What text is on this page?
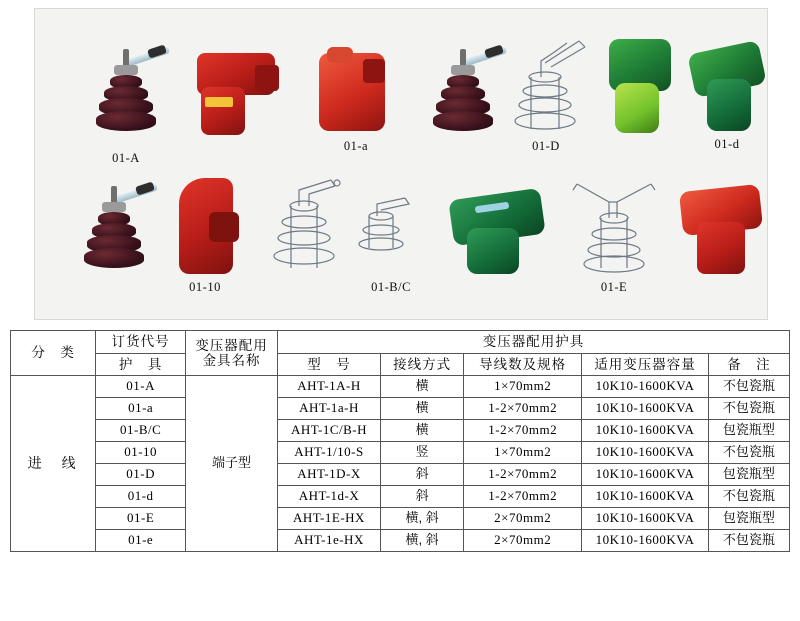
01-A
01-a	01-D	01-d
01-10	01-B/C	01-E
分　类	订货代号	变压器配用金具名称	变压器配用护具				
	护　具		型　号	接线方式	导线数及规格	适用变压器容量	备　注
进　线	01-A	端子型	AHT-1A-H	横	1×70mm2	10K10-1600KVA	不包瓷瓶
	01-a		AHT-1a-H	横	1-2×70mm2	10K10-1600KVA	不包瓷瓶
	01-B/C		AHT-1C/B-H	横	1-2×70mm2	10K10-1600KVA	包瓷瓶型
	01-10		AHT-1/10-S	竖	1×70mm2	10K10-1600KVA	不包瓷瓶
	01-D		AHT-1D-X	斜	1-2×70mm2	10K10-1600KVA	包瓷瓶型
	01-d		AHT-1d-X	斜	1-2×70mm2	10K10-1600KVA	不包瓷瓶
	01-E		AHT-1E-HX	横, 斜	2×70mm2	10K10-1600KVA	包瓷瓶型
	01-e		AHT-1e-HX	横, 斜	2×70mm2	10K10-1600KVA	不包瓷瓶
